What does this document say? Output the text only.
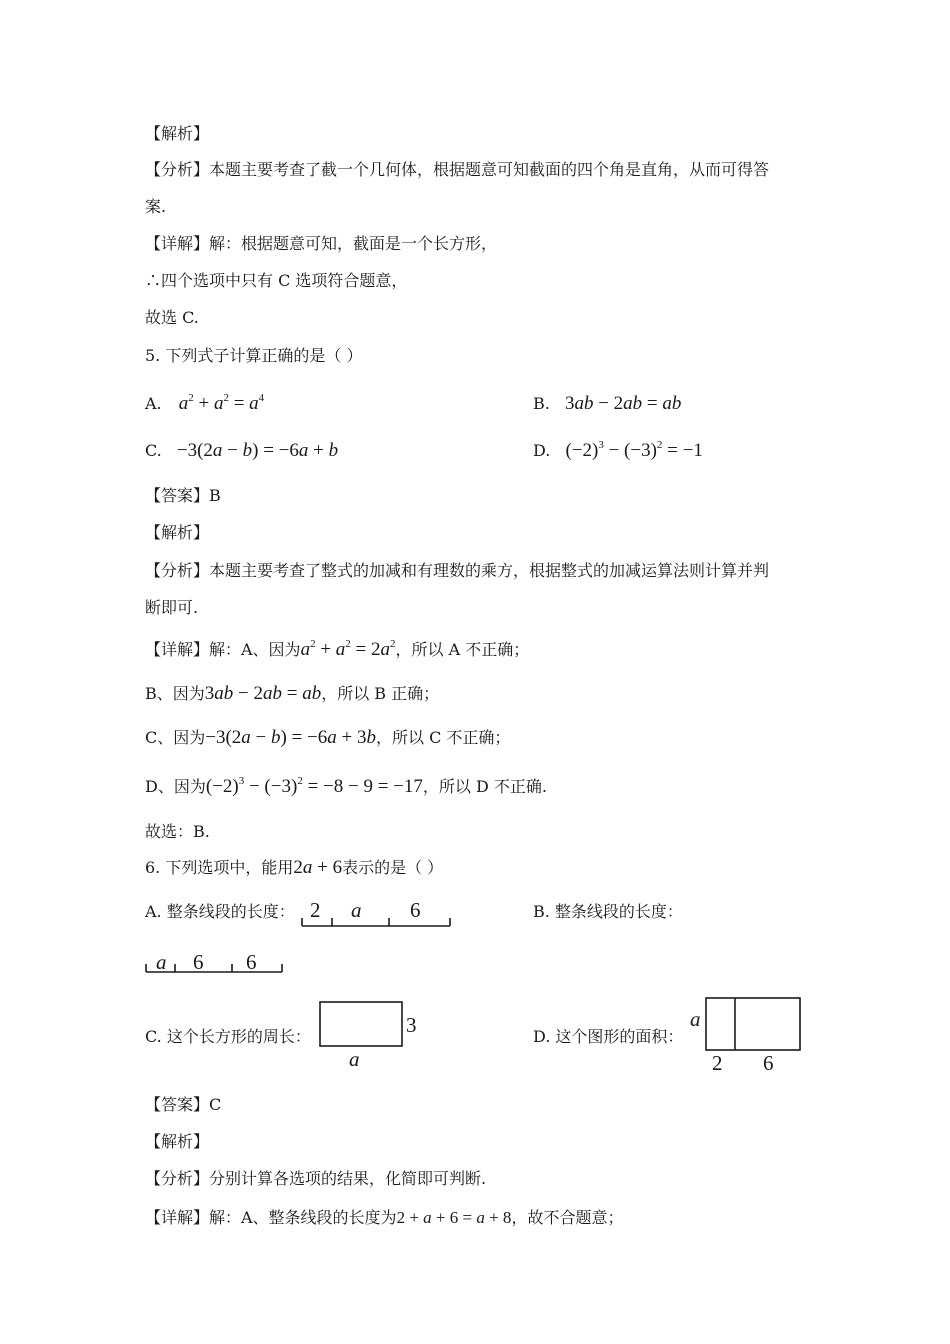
【解析】
【分析】本题主要考查了截一个几何体，根据题意可知截面的四个角是直角，从而可得答
案.
【详解】解：根据题意可知，截面是一个长方形，
∴四个选项中只有 C 选项符合题意，
故选 C.
5. 下列式子计算正确的是（ ）
A. $a^2 + a^2 = a^4$	B. 3ab − 2ab = ab
C. −3(2a − b) = −6a + b	D. $(-2)^3 - (-3)^2 = -1$
【答案】B
【解析】
【分析】本题主要考查了整式的加减和有理数的乘方，根据整式的加减运算法则计算并判
断即可.
【详解】解：A、因为$a^2 + a^2 = 2a^2$，所以 A 不正确；
B、因为3ab − 2ab = ab，所以 B 正确；
C、因为−3(2a − b) = −6a + 3b，所以 C 不正确；
D、因为$(-2)^3 - (-3)^2 = -8 - 9 = -17$，所以 D 不正确.
故选：B.
6. 下列选项中，能用2a + 6表示的是（ ）
A. 整条线段的长度： 2 a 6	B. 整条线段的长度：
a 6 6
C. 这个长方形的周长：	3
a
D. 这个图形的面积：
a
2 6
【答案】C
【解析】
【分析】分别计算各选项的结果，化简即可判断.
【详解】解：A、整条线段的长度为2 + a + 6 = a + 8，故不合题意；
